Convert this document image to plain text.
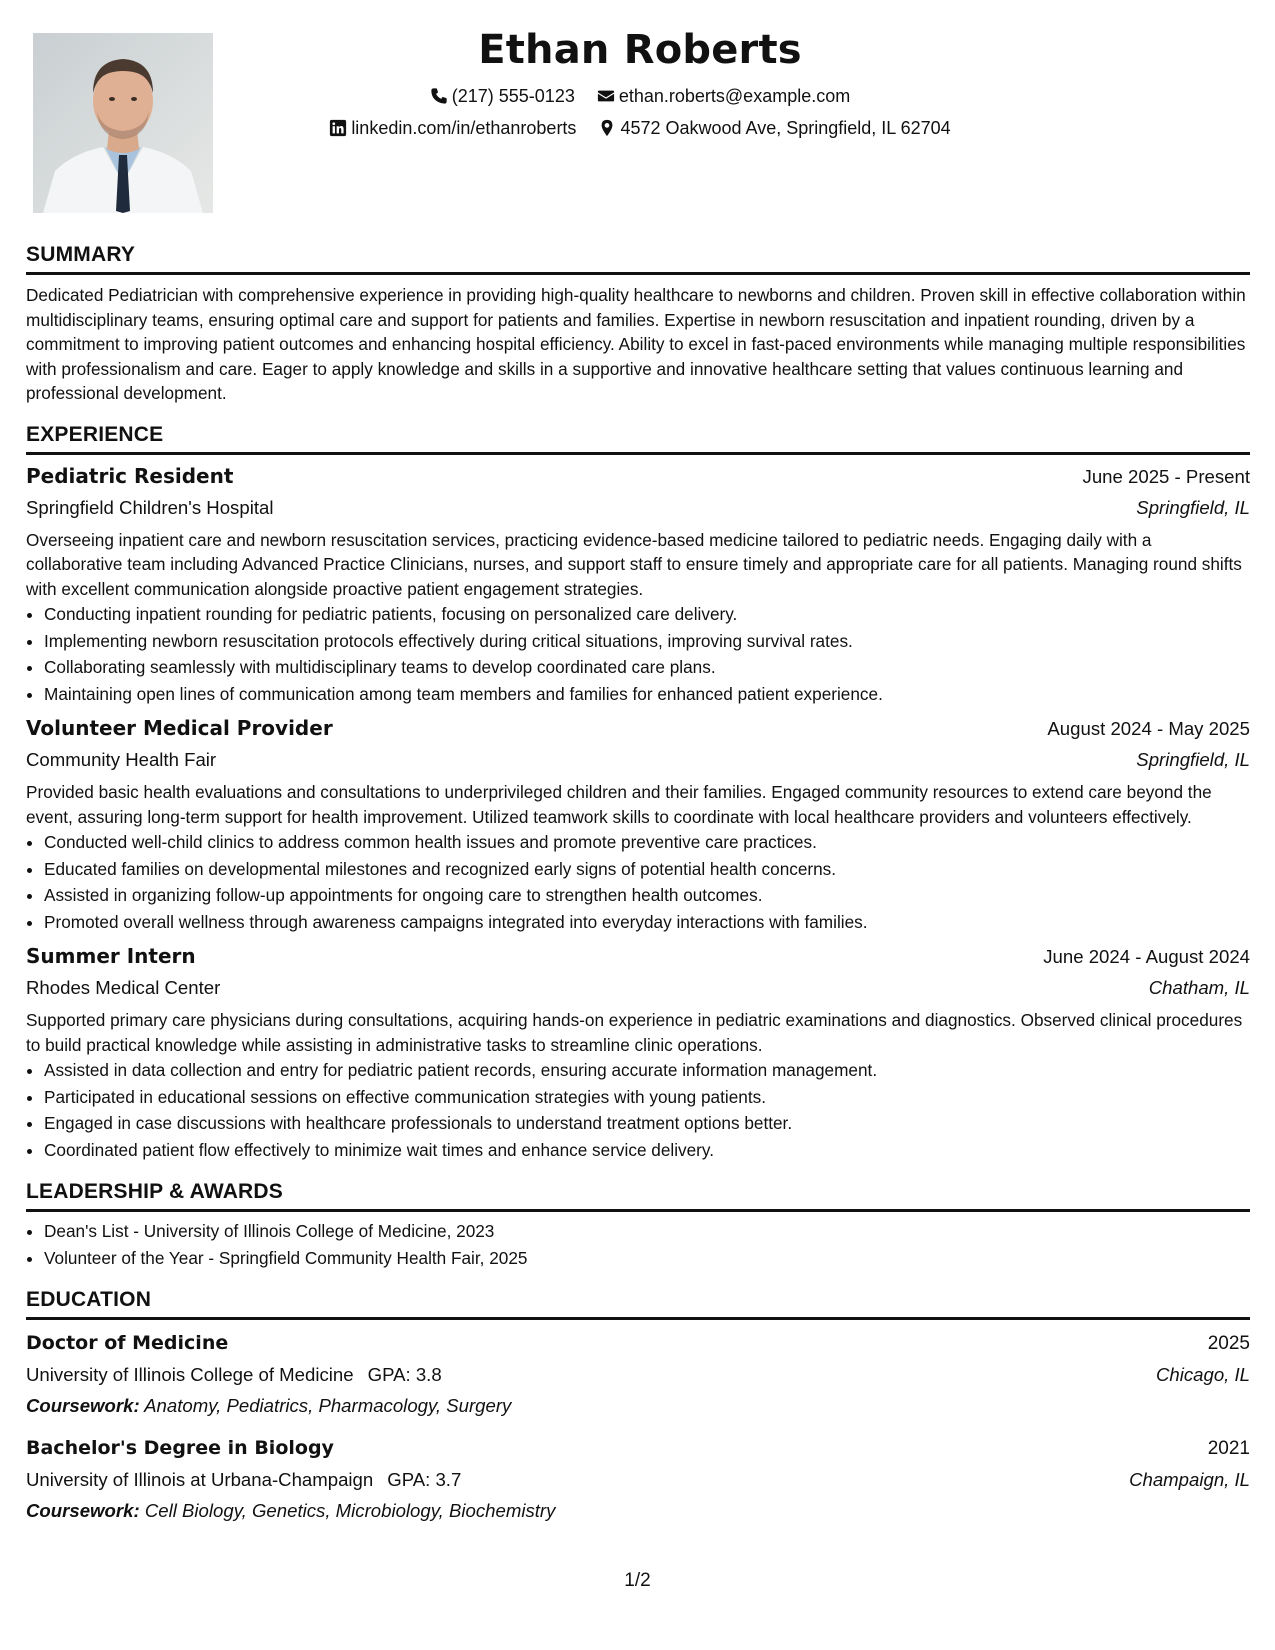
Ethan Roberts
(217) 555-0123 ethan.roberts@example.com
linkedin.com/in/ethanroberts 4572 Oakwood Ave, Springfield, IL 62704
SUMMARY

Dedicated Pediatrician with comprehensive experience in providing high-quality healthcare to newborns and children. Proven skill in effective collaboration within multidisciplinary teams, ensuring optimal care and support for patients and families. Expertise in newborn resuscitation and inpatient rounding, driven by a commitment to improving patient outcomes and enhancing hospital efficiency. Ability to excel in fast-paced environments while managing multiple responsibilities with professionalism and care. Eager to apply knowledge and skills in a supportive and innovative healthcare setting that values continuous learning and professional development.

EXPERIENCE
Pediatric Resident	June 2025 - Present
Springfield Children's Hospital	Springfield, IL

Overseeing inpatient care and newborn resuscitation services, practicing evidence-based medicine tailored to pediatric needs. Engaging daily with a collaborative team including Advanced Practice Clinicians, nurses, and support staff to ensure timely and appropriate care for all patients. Managing round shifts with excellent communication alongside proactive patient engagement strategies.

• Conducting inpatient rounding for pediatric patients, focusing on personalized care delivery.
• Implementing newborn resuscitation protocols effectively during critical situations, improving survival rates.
• Collaborating seamlessly with multidisciplinary teams to develop coordinated care plans.
• Maintaining open lines of communication among team members and families for enhanced patient experience.
Volunteer Medical Provider	August 2024 - May 2025
Community Health Fair	Springfield, IL

Provided basic health evaluations and consultations to underprivileged children and their families. Engaged community resources to extend care beyond the event, assuring long-term support for health improvement. Utilized teamwork skills to coordinate with local healthcare providers and volunteers effectively.

• Conducted well-child clinics to address common health issues and promote preventive care practices.
• Educated families on developmental milestones and recognized early signs of potential health concerns.
• Assisted in organizing follow-up appointments for ongoing care to strengthen health outcomes.
• Promoted overall wellness through awareness campaigns integrated into everyday interactions with families.
Summer Intern	June 2024 - August 2024
Rhodes Medical Center	Chatham, IL

Supported primary care physicians during consultations, acquiring hands-on experience in pediatric examinations and diagnostics. Observed clinical procedures to build practical knowledge while assisting in administrative tasks to streamline clinic operations.

• Assisted in data collection and entry for pediatric patient records, ensuring accurate information management.
• Participated in educational sessions on effective communication strategies with young patients.
• Engaged in case discussions with healthcare professionals to understand treatment options better.
• Coordinated patient flow effectively to minimize wait times and enhance service delivery.
LEADERSHIP & AWARDS
• Dean's List - University of Illinois College of Medicine, 2023
• Volunteer of the Year - Springfield Community Health Fair, 2025
EDUCATION
Doctor of Medicine	2025
University of Illinois College of Medicine GPA: 3.8	Chicago, IL
Coursework: Anatomy, Pediatrics, Pharmacology, Surgery
Bachelor's Degree in Biology	2021
University of Illinois at Urbana-Champaign GPA: 3.7	Champaign, IL
Coursework: Cell Biology, Genetics, Microbiology, Biochemistry
1/2
